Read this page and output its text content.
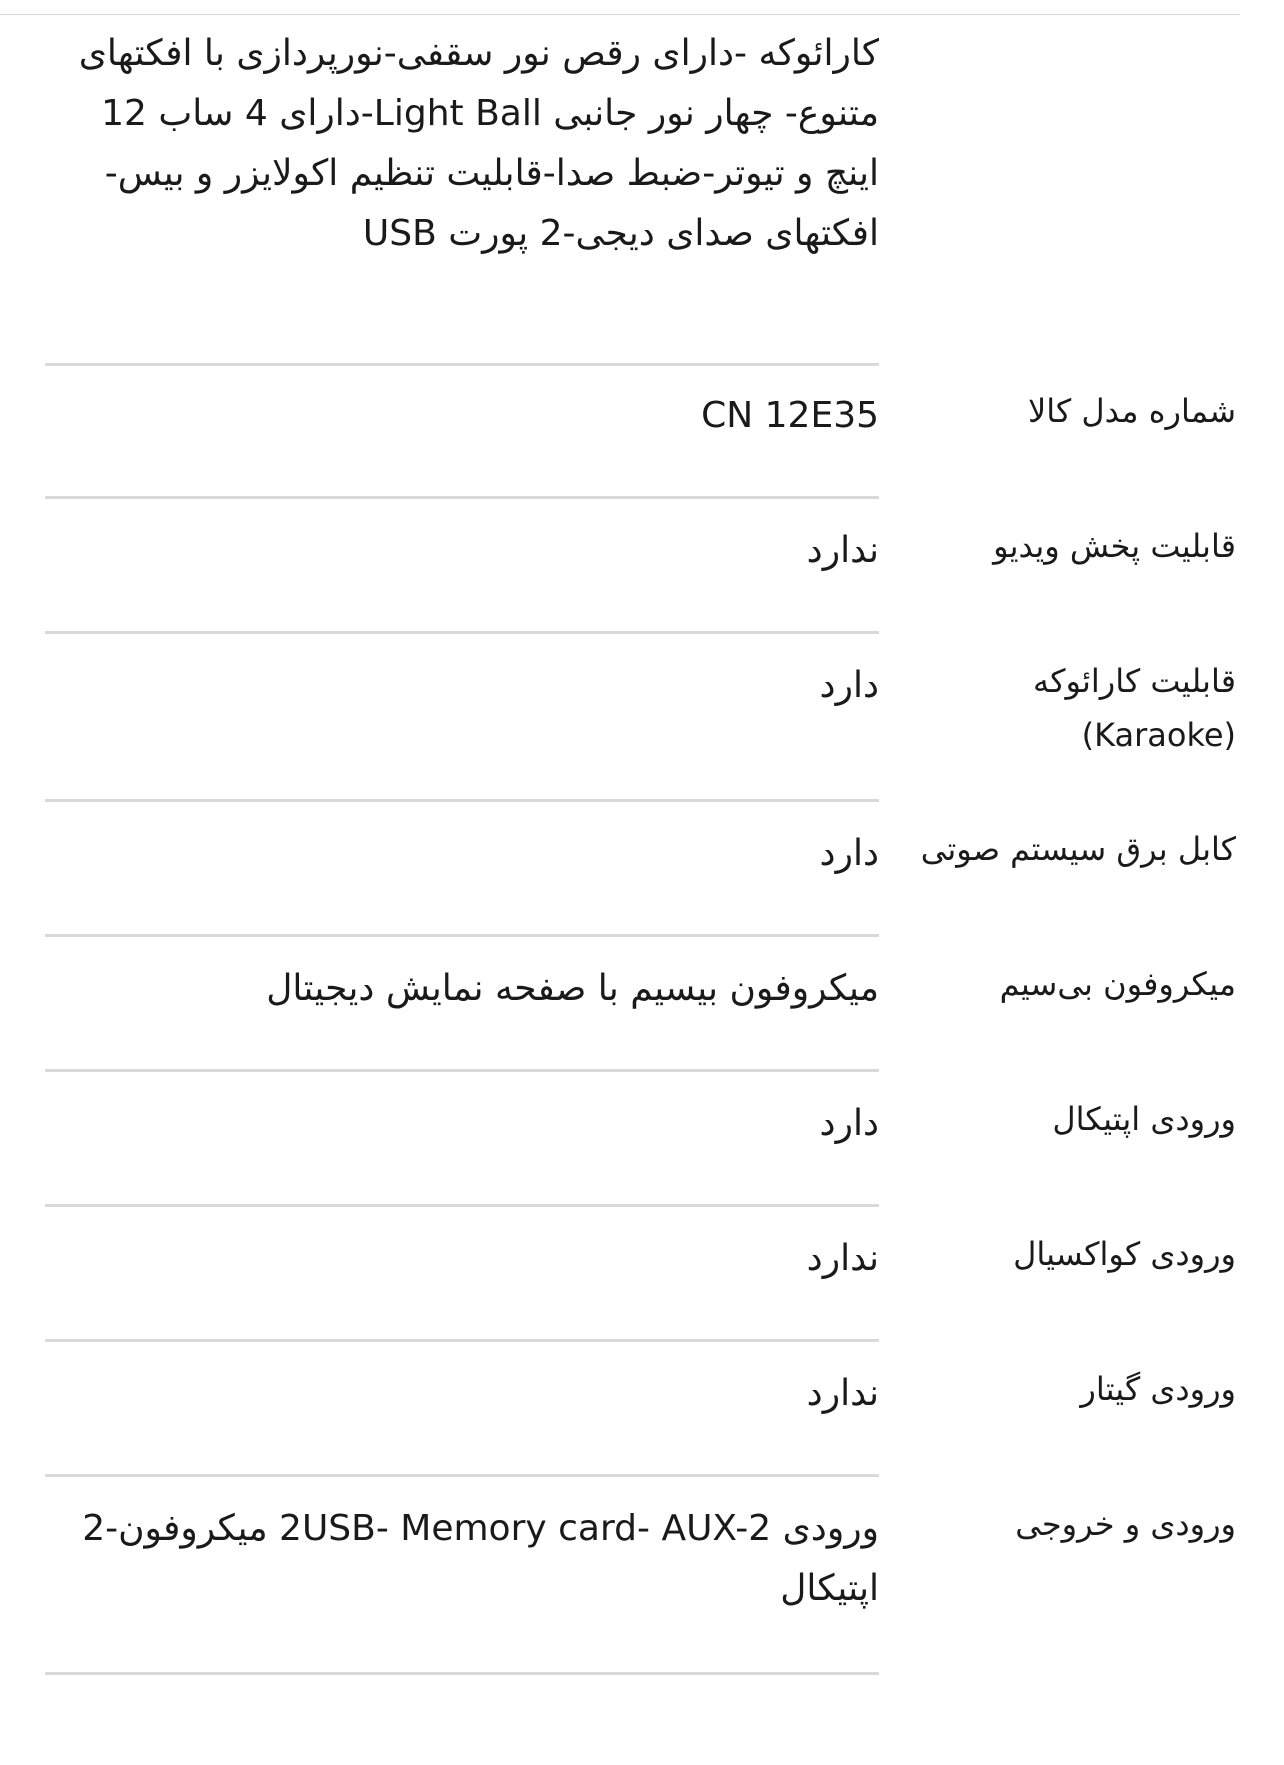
کارائوکه -دارای رقص نور سقفی-نورپردازی با افکتهای متنوع- چهار نور جانبی Light Ball-دارای 4 ساب 12 اینچ و تیوتر-ضبط صدا-قابلیت تنظیم اکولایزر و بیس-افکتهای صدای دیجی-2 پورت USB
شماره مدل کالا
CN 12E35
قابلیت پخش ویدیو
ندارد
قابلیت کارائوکه (Karaoke)
دارد
کابل برق سیستم صوتی
دارد
میکروفون بی‌سیم
میکروفون بیسیم با صفحه نمایش دیجیتال
ورودی اپتیکال
دارد
ورودی کواکسیال
ندارد
ورودی گیتار
ندارد
ورودی و خروجی
ورودی 2USB- Memory card- AUX-2 میکروفون-2 اپتیکال
